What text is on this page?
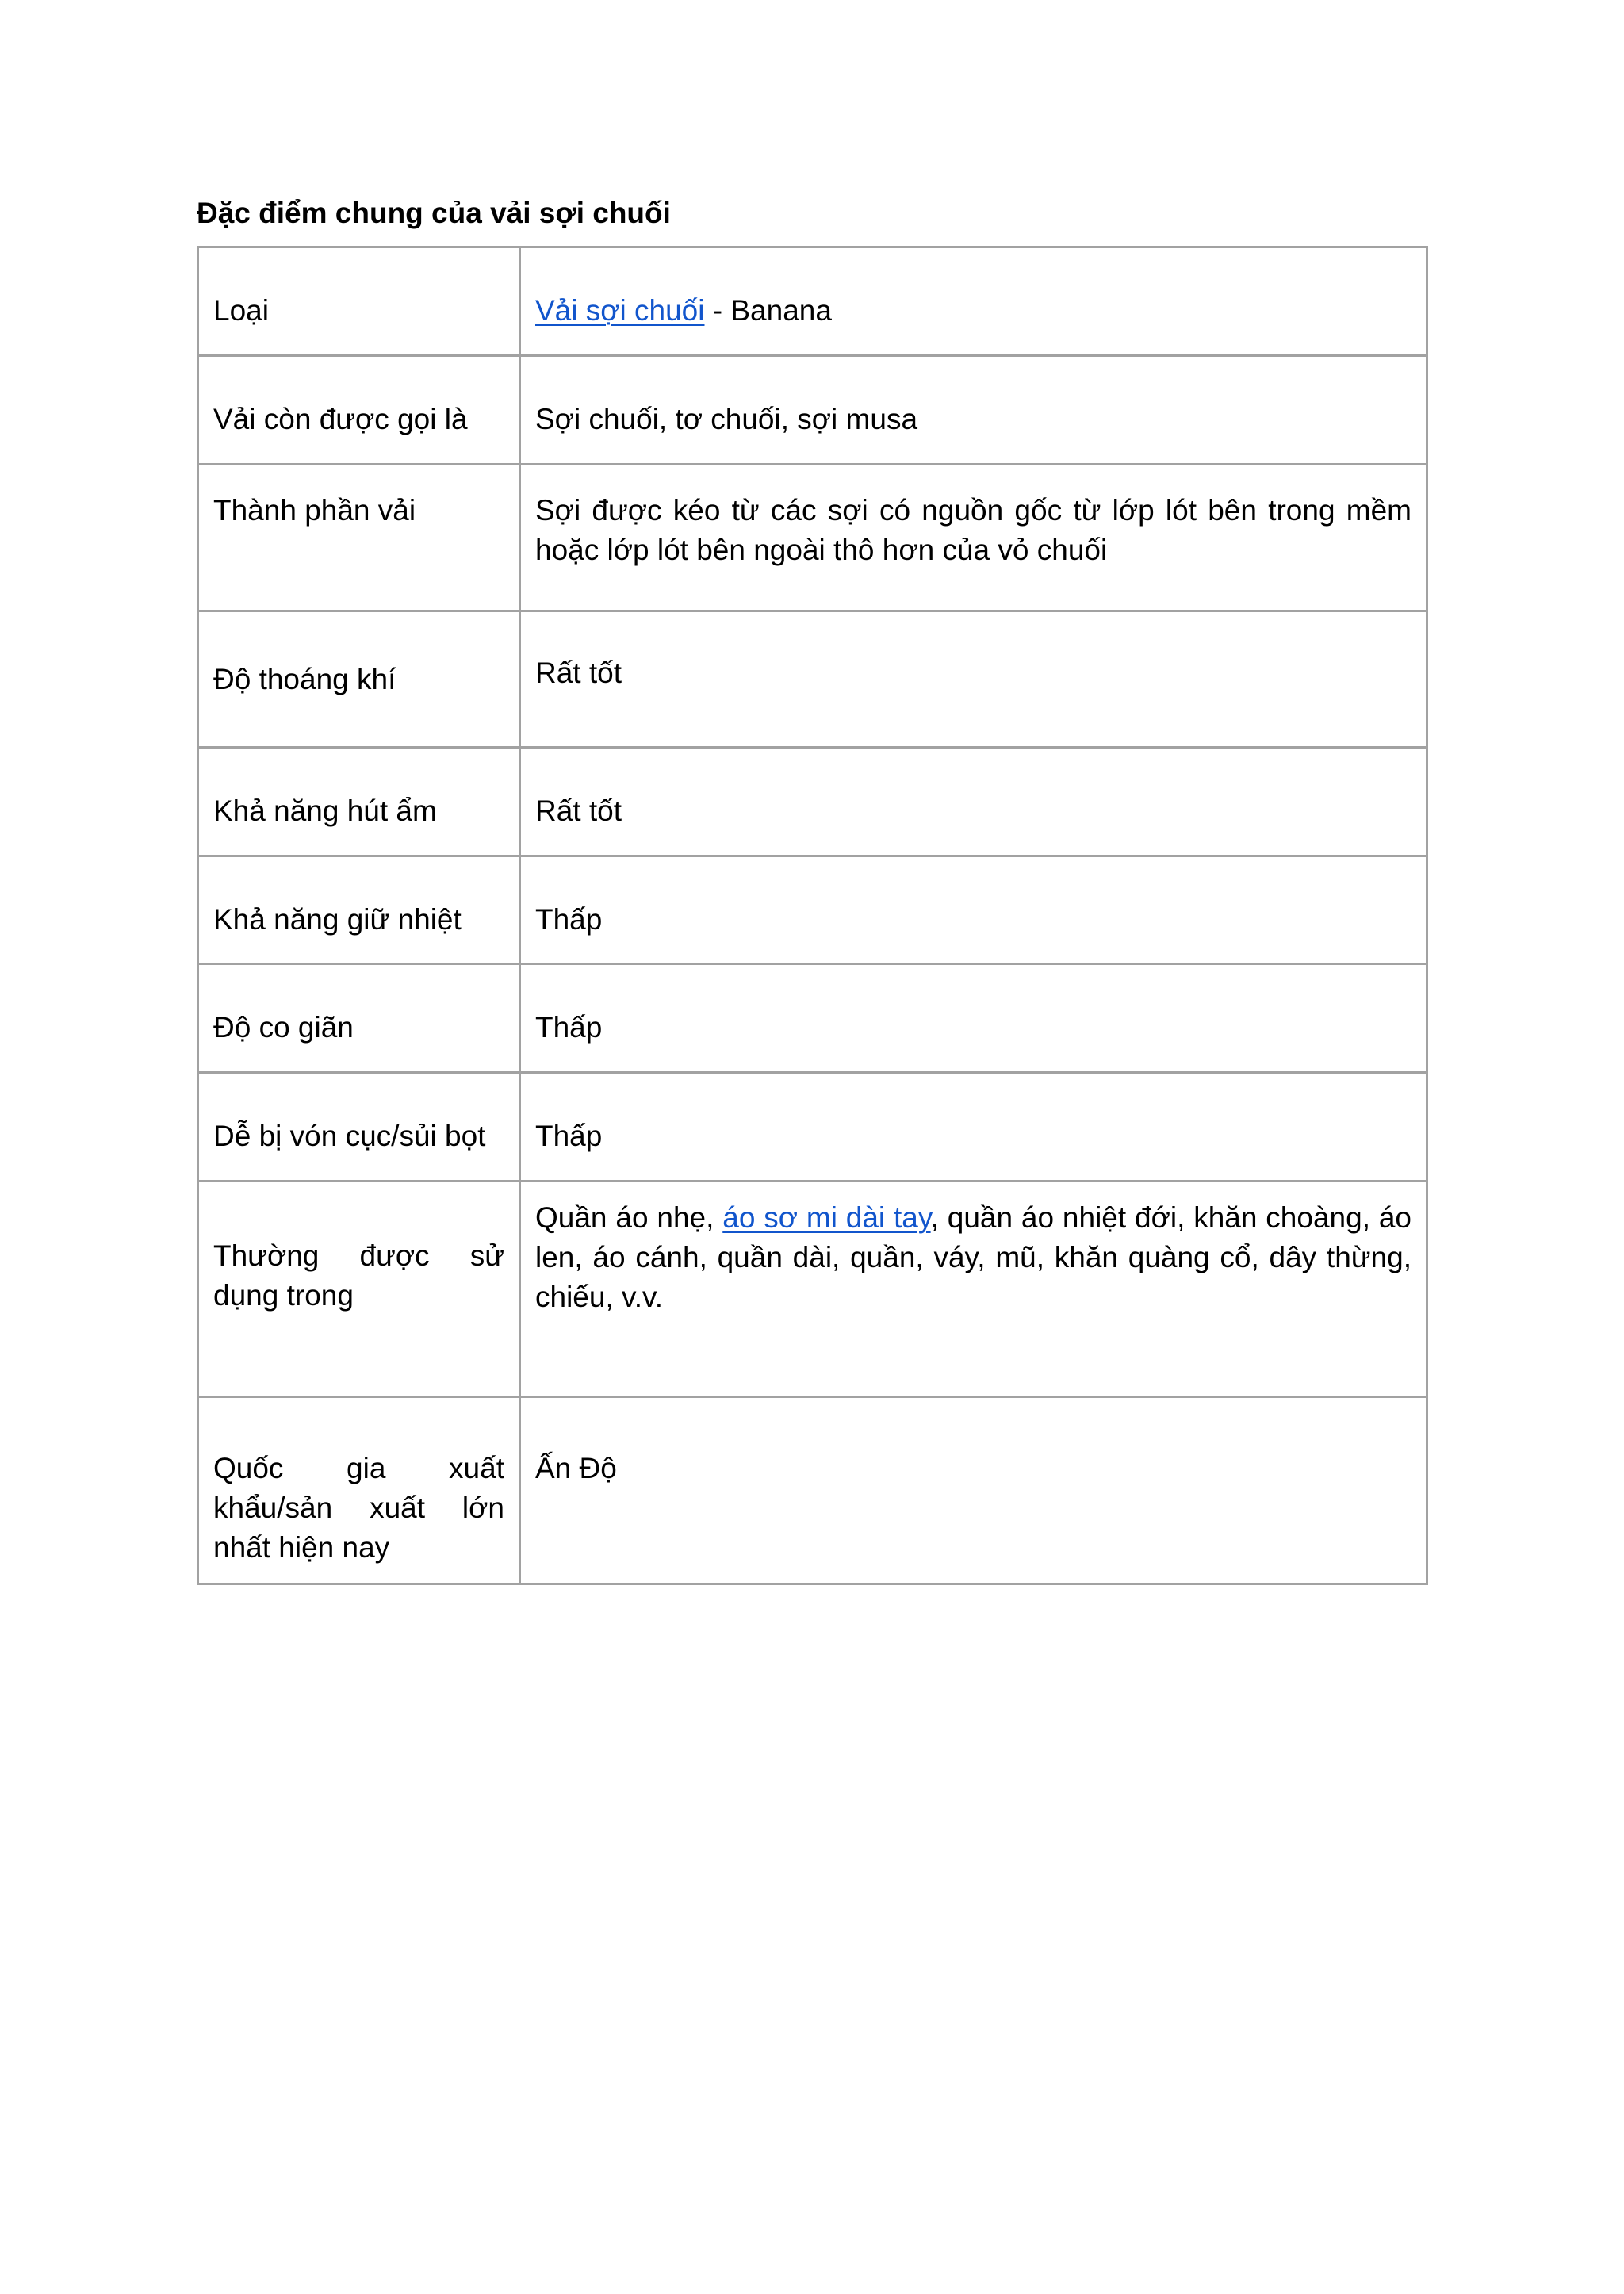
Đặc điểm chung của vải sợi chuối
Loại	Vải sợi chuối - Banana

Vải còn được gọi là	Sợi chuối, tơ chuối, sợi musa

Thành phần vải	Sợi được kéo từ các sợi có nguồn gốc từ lớp lót bên trong mềm hoặc lớp lót bên ngoài thô hơn của vỏ chuối

Độ thoáng khí	Rất tốt

Khả năng hút ẩm	Rất tốt

Khả năng giữ nhiệt	Thấp

Độ co giãn	Thấp

Dễ bị vón cục/sủi bọt	Thấp

Thường được sử dụng trong	Quần áo nhẹ, áo sơ mi dài tay, quần áo nhiệt đới, khăn choàng, áo len, áo cánh, quần dài, quần, váy, mũ, khăn quàng cổ, dây thừng, chiếu, v.v.

Quốc gia xuất khẩu/sản xuất lớn nhất hiện nay	Ấn Độ
